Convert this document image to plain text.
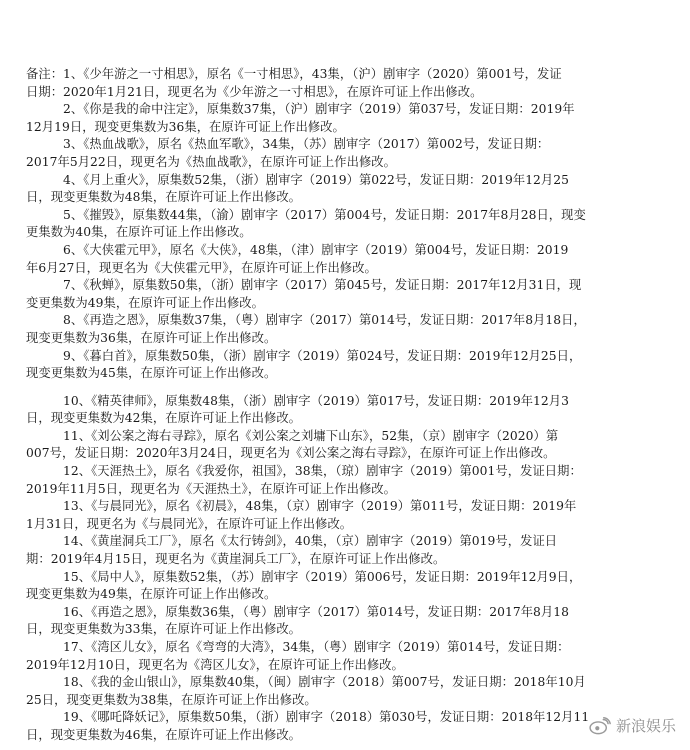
备注：1、《少年游之一寸相思》，原名《一寸相思》，43集，（沪）剧审字（2020）第001号，发证
日期：2020年1月21日，现更名为《少年游之一寸相思》，在原许可证上作出修改。
2、《你是我的命中注定》，原集数37集，（沪）剧审字（2019）第037号，发证日期：2019年
12月19日，现变更集数为36集，在原许可证上作出修改。
3、《热血战歌》，原名《热血军歌》，34集，（苏）剧审字（2017）第002号，发证日期：
2017年5月22日，现更名为《热血战歌》，在原许可证上作出修改。
4、《月上重火》，原集数52集，（浙）剧审字（2019）第022号，发证日期：2019年12月25
日，现变更集数为48集，在原许可证上作出修改。
5、《摧毁》，原集数44集，（渝）剧审字（2017）第004号，发证日期：2017年8月28日，现变
更集数为40集，在原许可证上作出修改。
6、《大侠霍元甲》，原名《大侠》，48集，（津）剧审字（2019）第004号，发证日期：2019
年6月27日，现更名为《大侠霍元甲》，在原许可证上作出修改。
7、《秋蝉》，原集数50集，（浙）剧审字（2017）第045号，发证日期：2017年12月31日，现
变更集数为49集，在原许可证上作出修改。
8、《再造之恩》，原集数37集，（粤）剧审字（2017）第014号，发证日期：2017年8月18日，
现变更集数为36集，在原许可证上作出修改。
9、《暮白首》，原集数50集，（浙）剧审字（2019）第024号，发证日期：2019年12月25日，
现变更集数为45集，在原许可证上作出修改。
10、《精英律师》，原集数48集，（浙）剧审字（2019）第017号，发证日期：2019年12月3
日，现变更集数为42集，在原许可证上作出修改。
11、《刘公案之海右寻踪》，原名《刘公案之刘墉下山东》，52集，（京）剧审字（2020）第
007号，发证日期：2020年3月24日，现更名为《刘公案之海右寻踪》，在原许可证上作出修改。
12、《天涯热土》，原名《我爱你，祖国》，38集，（琼）剧审字（2019）第001号，发证日期：
2019年11月5日，现更名为《天涯热土》，在原许可证上作出修改。
13、《与晨同光》，原名《初晨》，48集，（京）剧审字（2019）第011号，发证日期：2019年
1月31日，现更名为《与晨同光》，在原许可证上作出修改。
14、《黄崖洞兵工厂》，原名《太行铸剑》，40集，（京）剧审字（2019）第019号，发证日
期：2019年4月15日，现更名为《黄崖洞兵工厂》，在原许可证上作出修改。
15、《局中人》，原集数52集，（苏）剧审字（2019）第006号，发证日期：2019年12月9日，
现变更集数为49集，在原许可证上作出修改。
16、《再造之恩》，原集数36集，（粤）剧审字（2017）第014号，发证日期：2017年8月18
日，现变更集数为33集，在原许可证上作出修改。
17、《湾区儿女》，原名《弯弯的大湾》，34集，（粤）剧审字（2019）第014号，发证日期：
2019年12月10日，现更名为《湾区儿女》，在原许可证上作出修改。
18、《我的金山银山》，原集数40集，（闽）剧审字（2018）第007号，发证日期：2018年10月
25日，现变更集数为38集，在原许可证上作出修改。
19、《哪吒降妖记》，原集数50集，（浙）剧审字（2018）第030号，发证日期：2018年12月11
日，现变更集数为46集，在原许可证上作出修改。	新浪娱乐
